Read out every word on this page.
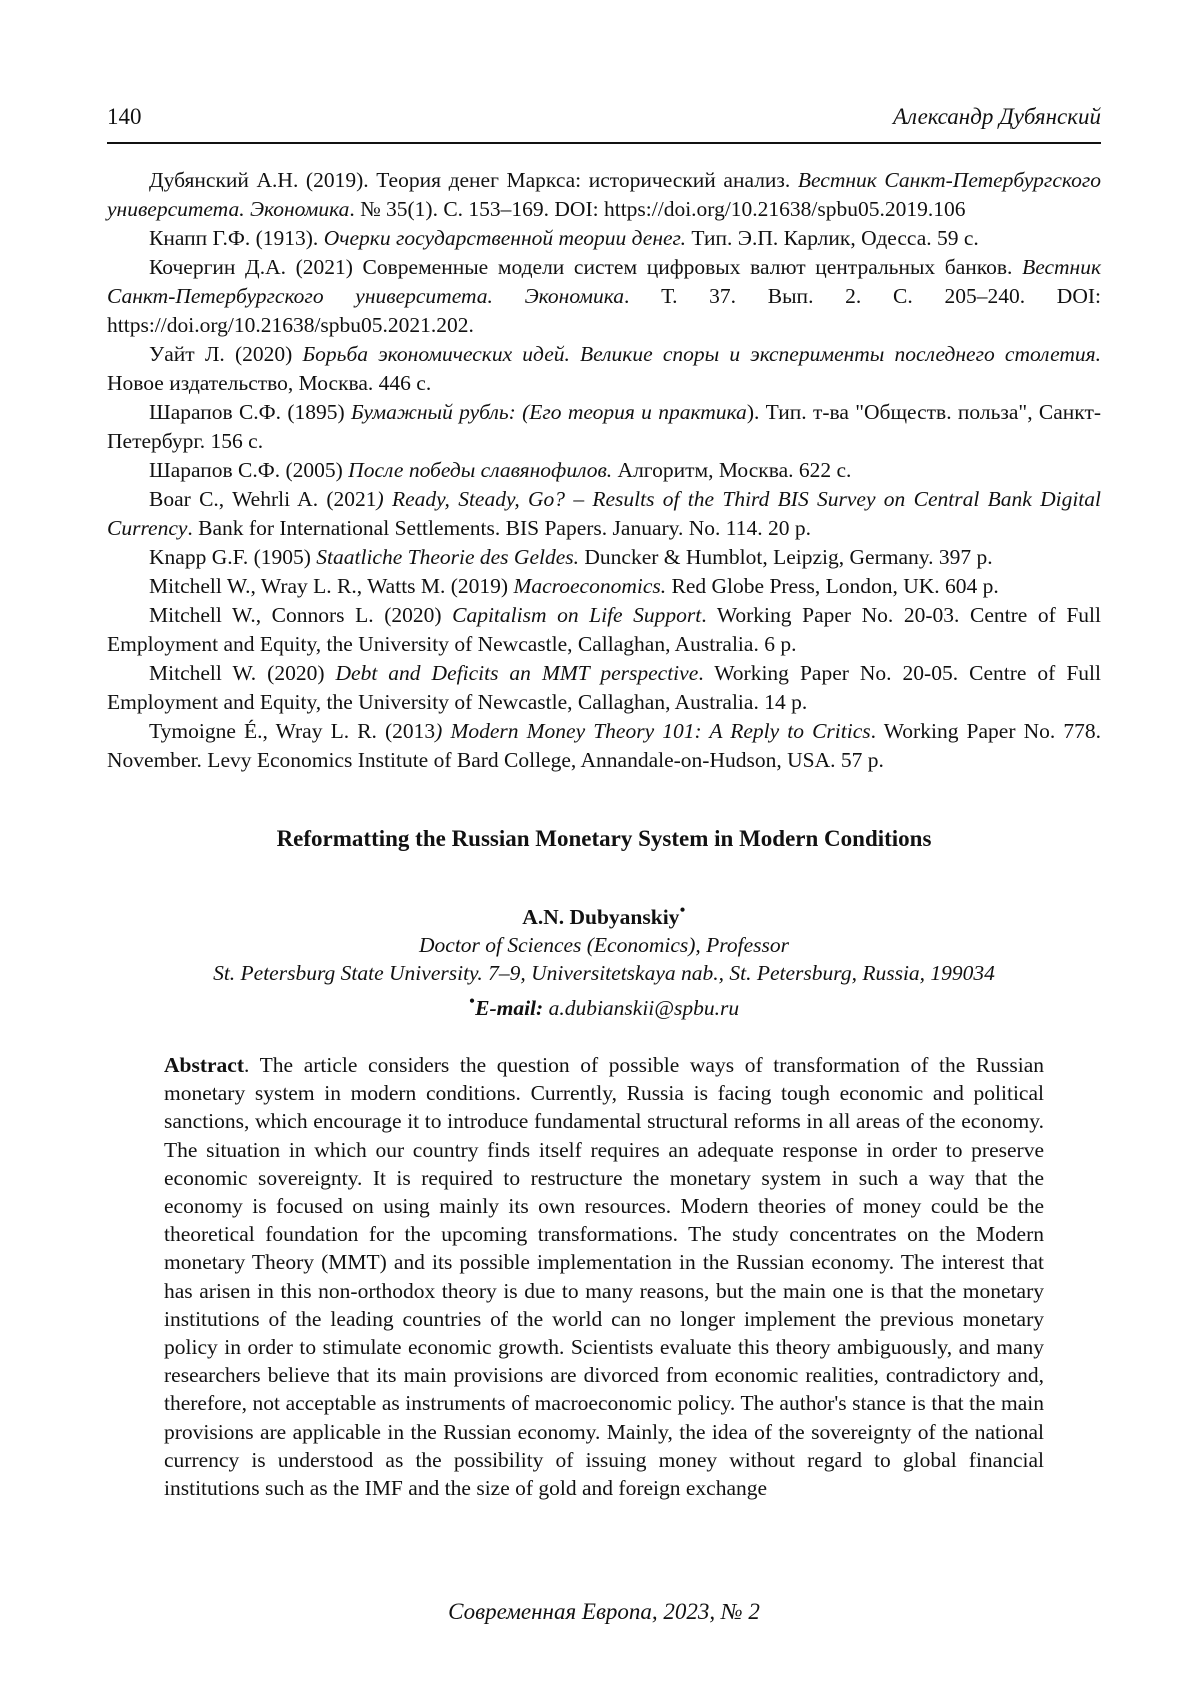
140	Александр Дубянский

Дубянский А.Н. (2019). Теория денег Маркса: исторический анализ. Вестник Санкт-Петербургского университета. Экономика. № 35(1). С. 153–169. DOI: https://doi.org/10.21638/spbu05.2019.106

Кнапп Г.Ф. (1913). Очерки государственной теории денег. Тип. Э.П. Карлик, Одесса. 59 с.

Кочергин Д.А. (2021) Современные модели систем цифровых валют центральных банков. Вестник Санкт-Петербургского университета. Экономика. Т. 37. Вып. 2. С. 205–240. DOI: https://doi.org/10.21638/spbu05.2021.202.

Уайт Л. (2020) Борьба экономических идей. Великие споры и эксперименты последнего столетия. Новое издательство, Москва. 446 с.

Шарапов С.Ф. (1895) Бумажный рубль: (Его теория и практика). Тип. т-ва "Обществ. польза", Санкт-Петербург. 156 с.

Шарапов С.Ф. (2005) После победы славянофилов. Алгоритм, Москва. 622 с.

Boar C., Wehrli A. (2021) Ready, Steady, Go? – Results of the Third BIS Survey on Central Bank Digital Currency. Bank for International Settlements. BIS Papers. January. No. 114. 20 p.

Knapp G.F. (1905) Staatliche Theorie des Geldes. Duncker & Humblot, Leipzig, Germany. 397 p.

Mitchell W., Wray L. R., Watts M. (2019) Macroeconomics. Red Globe Press, London, UK. 604 p.

Mitchell W., Connors L. (2020) Capitalism on Life Support. Working Paper No. 20-03. Centre of Full Employment and Equity, the University of Newcastle, Callaghan, Australia. 6 p.

Mitchell W. (2020) Debt and Deficits an MMT perspective. Working Paper No. 20-05. Centre of Full Employment and Equity, the University of Newcastle, Callaghan, Australia. 14 p.

Tymoigne É., Wray L. R. (2013) Modern Money Theory 101: A Reply to Critics. Working Paper No. 778. November. Levy Economics Institute of Bard College, Annandale-on-Hudson, USA. 57 p.

Reformatting the Russian Monetary System in Modern Conditions
A.N. Dubyanskiy•
Doctor of Sciences (Economics), Professor
St. Petersburg State University. 7–9, Universitetskaya nab., St. Petersburg, Russia, 199034
•E-mail: a.dubianskii@spbu.ru
Abstract. The article considers the question of possible ways of transformation of the Russian monetary system in modern conditions. Currently, Russia is facing tough economic and political sanctions, which encourage it to introduce fundamental structural reforms in all areas of the economy. The situation in which our country finds itself requires an adequate response in order to preserve economic sovereignty. It is required to restructure the monetary system in such a way that the economy is focused on using mainly its own resources. Modern theories of money could be the theoretical foundation for the upcoming transformations. The study concentrates on the Modern monetary Theory (MMT) and its possible implementation in the Russian economy. The interest that has arisen in this non-orthodox theory is due to many reasons, but the main one is that the monetary institutions of the leading countries of the world can no longer implement the previous monetary policy in order to stimulate economic growth. Scientists evaluate this theory ambiguously, and many researchers believe that its main provisions are divorced from economic realities, contradictory and, therefore, not acceptable as instruments of macroeconomic policy. The author's stance is that the main provisions are applicable in the Russian economy. Mainly, the idea of the sovereignty of the national currency is understood as the possibility of issuing money without regard to global financial institutions such as the IMF and the size of gold and foreign exchange
Современная Европа, 2023, № 2
